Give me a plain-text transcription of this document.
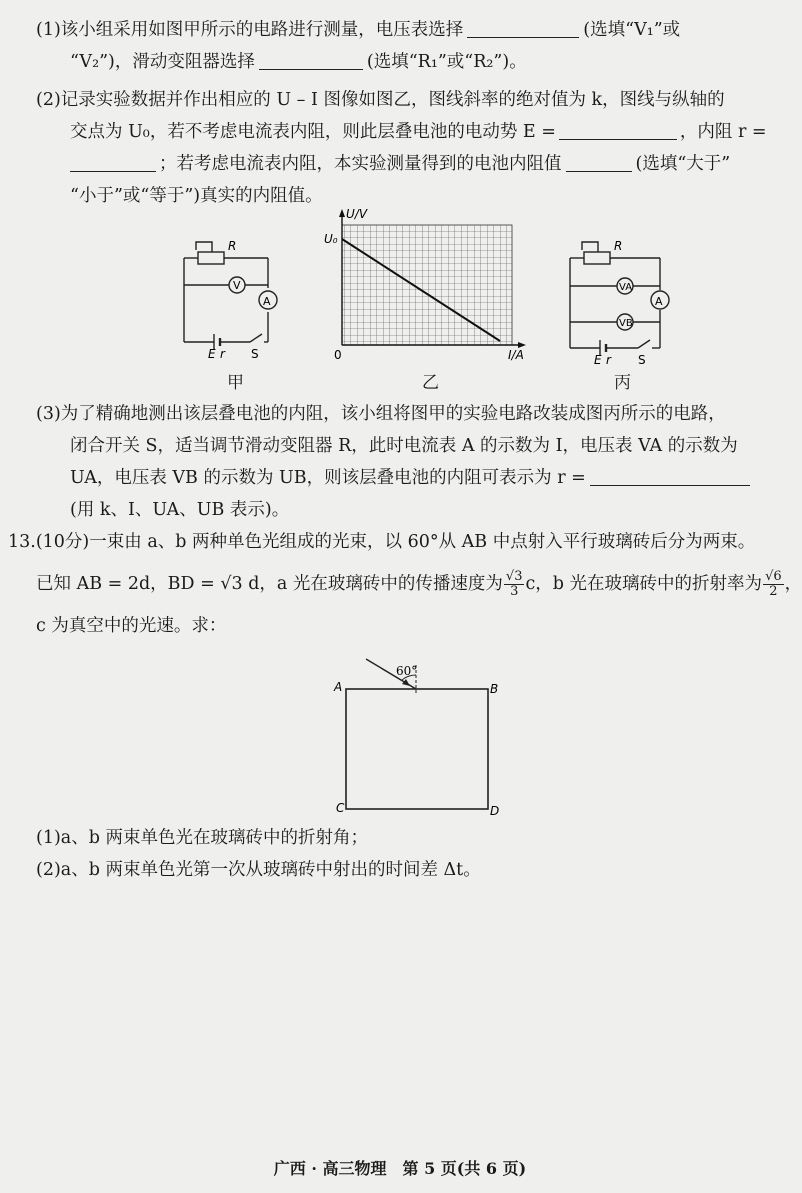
(1)该小组采用如图甲所示的电路进行测量，电压表选择	(选填“V₁”或
“V₂”)，滑动变阻器选择	(选填“R₁”或“R₂”)。
(2)记录实验数据并作出相应的 U – I 图像如图乙，图线斜率的绝对值为 k，图线与纵轴的
交点为 U₀，若不考虑电流表内阻，则此层叠电池的电动势 E =	，内阻 r =
；若考虑电流表内阻，本实验测量得到的电池内阻值	(选填“大于”
“小于”或“等于”)真实的内阻值。
R
V
A
E r S
甲
U/V
I/A
0
U₀
乙
R
VA
VB
A
E r S
丙
(3)为了精确地测出该层叠电池的内阻，该小组将图甲的实验电路改装成图丙所示的电路，
闭合开关 S，适当调节滑动变阻器 R，此时电流表 A 的示数为 I，电压表 VA 的示数为
UA，电压表 VB 的示数为 UB，则该层叠电池的内阻可表示为 r =
(用 k、I、UA、UB 表示)。
13.(10分)一束由 a、b 两种单色光组成的光束，以 60°从 AB 中点射入平行玻璃砖后分为两束。
已知 AB = 2d，BD = √3 d，a 光在玻璃砖中的传播速度为 $\frac{√3}{3}$ c，b 光在玻璃砖中的折射率为 $\frac{√6}{2}$ ，
c 为真空中的光速。求：
60°
A	B
C	D
(1)a、b 两束单色光在玻璃砖中的折射角；
(2)a、b 两束单色光第一次从玻璃砖中射出的时间差 Δt。
广西 · 高三物理　第 5 页(共 6 页)
